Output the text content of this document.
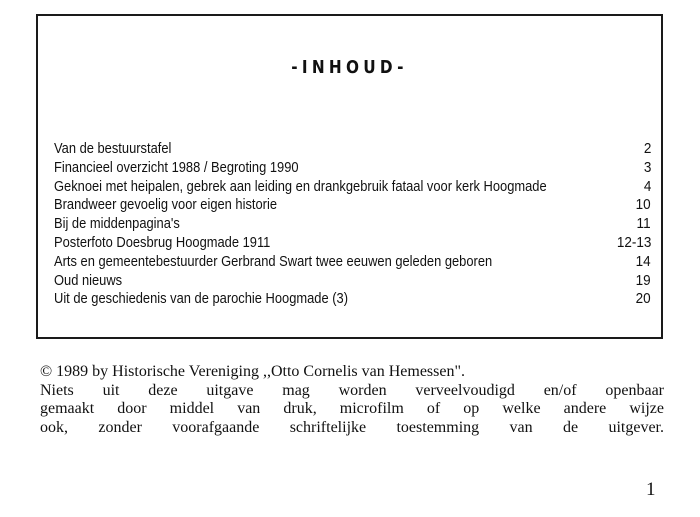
-INHOUD-
Van de bestuurstafel	2
Financieel overzicht 1988 / Begroting 1990	3
Geknoei met heipalen, gebrek aan leiding en drankgebruik fataal voor kerk Hoogmade	4
Brandweer gevoelig voor eigen historie	10
Bij de middenpagina's	11
Posterfoto Doesbrug Hoogmade 1911	12-13
Arts en gemeentebestuurder Gerbrand Swart twee eeuwen geleden geboren	14
Oud nieuws	19
Uit de geschiedenis van de parochie Hoogmade (3)	20

© 1989 by Historische Vereniging ,,Otto Cornelis van Hemessen".

Niets uit deze uitgave mag worden verveelvoudigd en/of openbaar

gemaakt door middel van druk, microfilm of op welke andere wijze

ook, zonder voorafgaande schriftelijke toestemming van de uitgever.

1
